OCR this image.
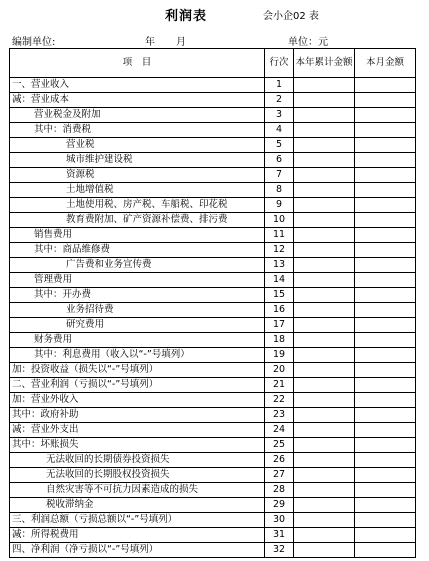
利润表	会小企02 表
编制单位:	年 月	单位：元
项　目	行次	本年累计金额	本月金额
一、营业收入	1		
减：营业成本	2		
营业税金及附加	3		
其中：消费税	4		
营业税	5		
城市维护建设税	6		
资源税	7		
土地增值税	8		
土地使用税、房产税、车船税、印花税	9		
教育费附加、矿产资源补偿费、排污费	10		
销售费用	11		
其中：商品维修费	12		
广告费和业务宣传费	13		
管理费用	14		
其中：开办费	15		
业务招待费	16		
研究费用	17		
财务费用	18		
其中：利息费用（收入以“-”号填列）	19		
加：投资收益（损失以“-”号填列）	20		
二、营业利润（亏损以“-”号填列）	21		
加：营业外收入	22		
其中：政府补助	23		
减：营业外支出	24		
其中：坏账损失	25		
无法收回的长期债券投资损失	26		
无法收回的长期股权投资损失	27		
自然灾害等不可抗力因素造成的损失	28		
税收滞纳金	29		
三、利润总额（亏损总额以“-”号填列）	30		
减：所得税费用	31		
四、净利润（净亏损以“-”号填列）	32		
